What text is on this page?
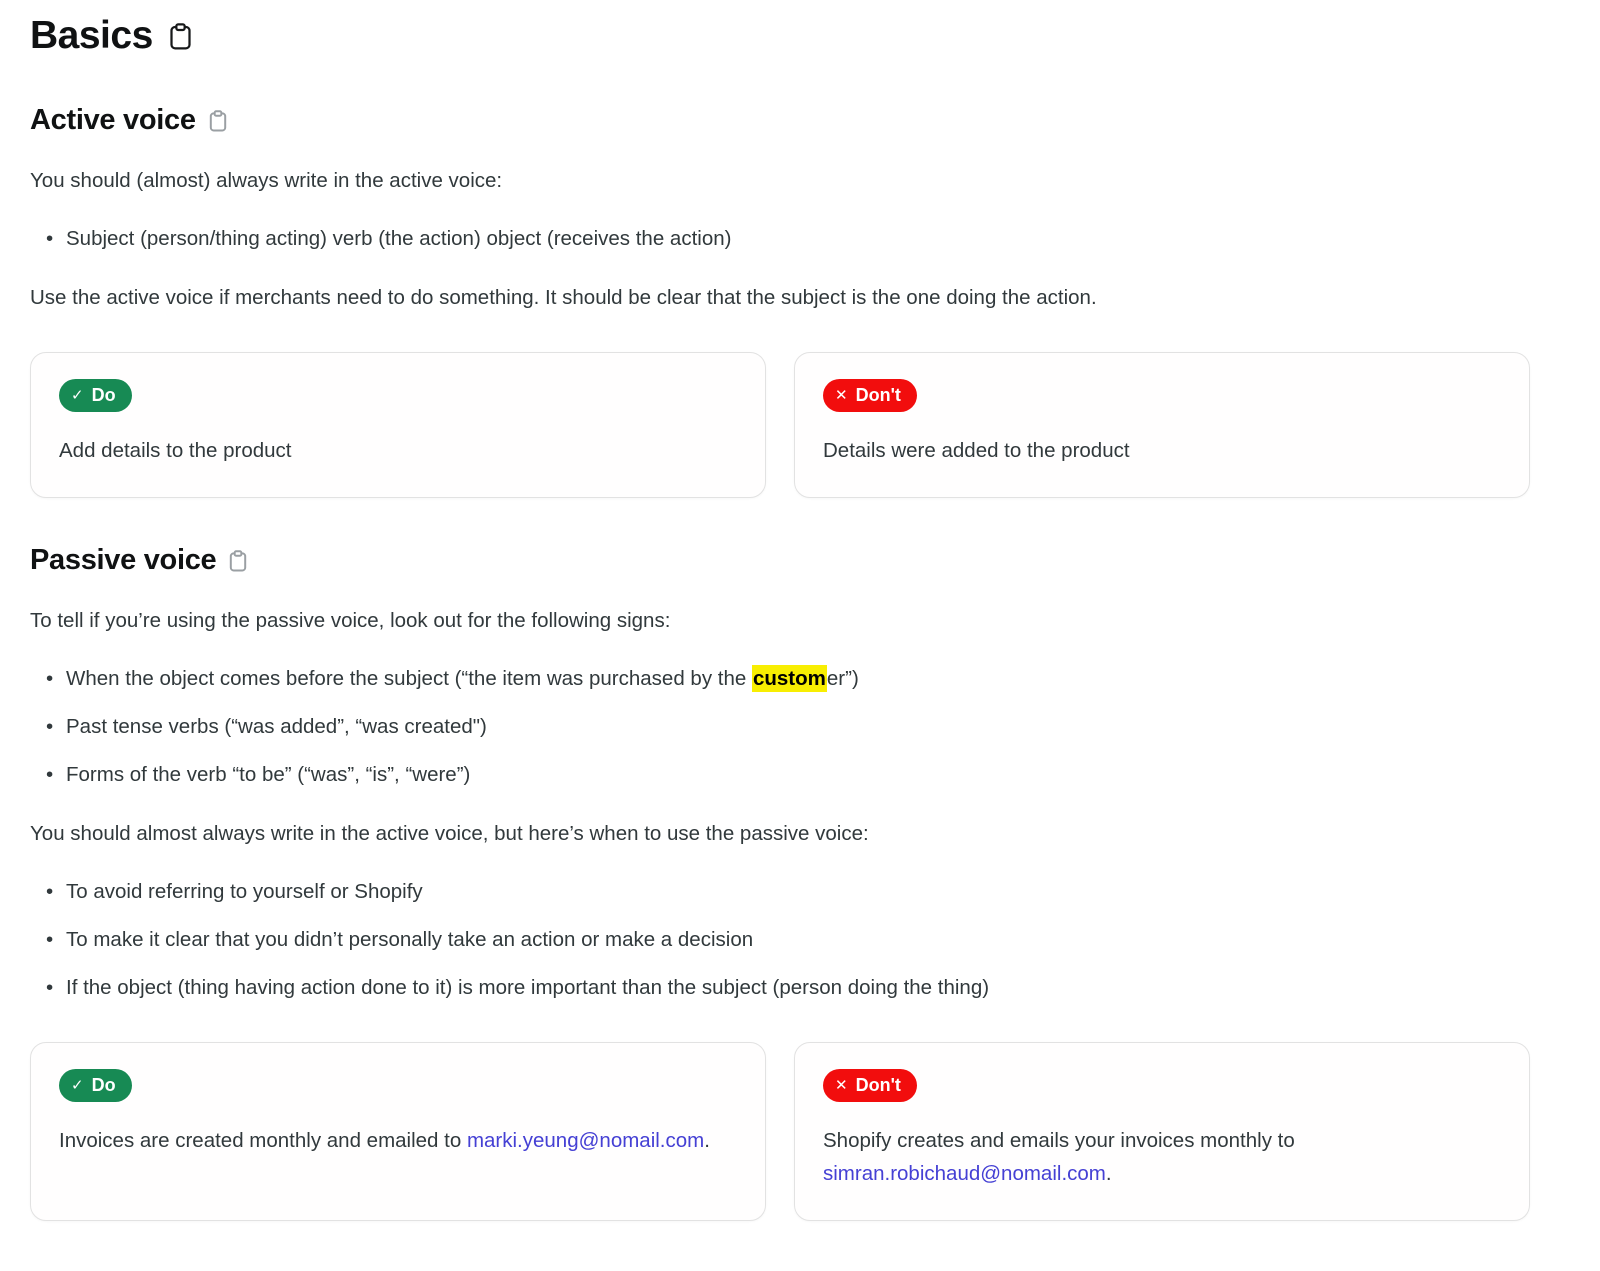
Basics
Active voice

You should (almost) always write in the active voice:

• Subject (person/thing acting) verb (the action) object (receives the action)

Use the active voice if merchants need to do something. It should be clear that the subject is the one doing the action.

✓ Do

Add details to the product

✕ Don't

Details were added to the product

Passive voice

To tell if you’re using the passive voice, look out for the following signs:

• When the object comes before the subject (“the item was purchased by the customer”)
• Past tense verbs (“was added”, “was created")
• Forms of the verb “to be” (“was”, “is”, “were”)

You should almost always write in the active voice, but here’s when to use the passive voice:

• To avoid referring to yourself or Shopify
• To make it clear that you didn’t personally take an action or make a decision
• If the object (thing having action done to it) is more important than the subject (person doing the thing)
✓ Do

Invoices are created monthly and emailed to marki.yeung@nomail.com.

✕ Don't

Shopify creates and emails your invoices monthly to simran.robichaud@nomail.com.
